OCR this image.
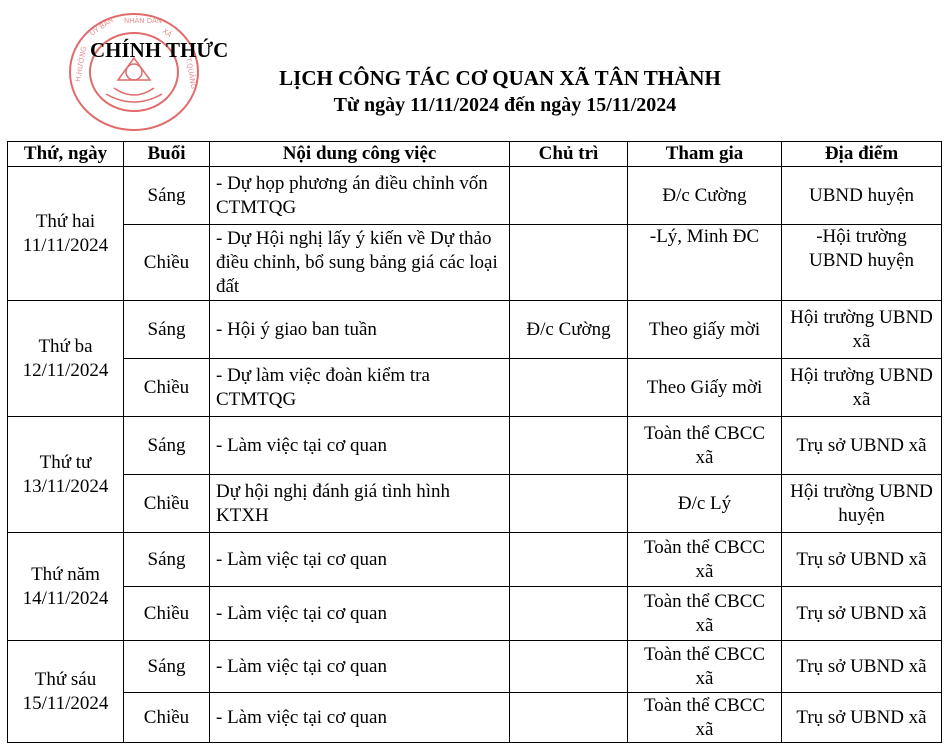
ỦY BAN NHÂN DÂN
XÃ
H.HƯỚNG	T.QUẢNG
CHÍNH THỨC
LỊCH CÔNG TÁC CƠ QUAN XÃ TÂN THÀNH
Từ ngày 11/11/2024 đến ngày 15/11/2024
Thứ, ngày	Buổi	Nội dung công việc	Chủ trì	Tham gia	Địa điểm

Thứ hai
11/11/2024	Sáng	- Dự họp phương án điều chỉnh vốn CTMTQG		Đ/c Cường	UBND huyện
	Chiều	- Dự Hội nghị lấy ý kiến về Dự thảo điều chỉnh, bổ sung bảng giá các loại đất		-Lý, Minh ĐC	-Hội trường UBND huyện

Thứ ba
12/11/2024	Sáng	- Hội ý giao ban tuần	Đ/c Cường	Theo giấy mời	Hội trường UBND xã
	Chiều	- Dự làm việc đoàn kiểm tra CTMTQG		Theo Giấy mời	Hội trường UBND xã

Thứ tư
13/11/2024	Sáng	- Làm việc tại cơ quan		Toàn thể CBCC xã	Trụ sở UBND xã
	Chiều	Dự hội nghị đánh giá tình hình KTXH		Đ/c Lý	Hội trường UBND huyện

Thứ năm
14/11/2024	Sáng	- Làm việc tại cơ quan		Toàn thể CBCC xã	Trụ sở UBND xã
	Chiều	- Làm việc tại cơ quan		Toàn thể CBCC xã	Trụ sở UBND xã

Thứ sáu
15/11/2024	Sáng	- Làm việc tại cơ quan		Toàn thể CBCC xã	Trụ sở UBND xã
	Chiều	- Làm việc tại cơ quan		Toàn thể CBCC xã	Trụ sở UBND xã
